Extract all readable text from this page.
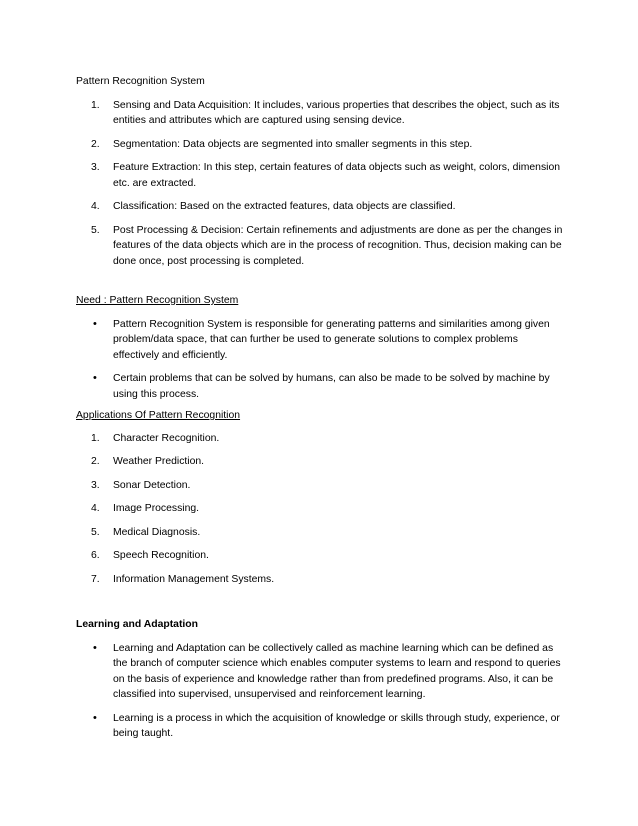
Pattern Recognition System

1. Sensing and Data Acquisition: It includes, various properties that describes the object, such as its entities and attributes which are captured using sensing device.
2. Segmentation: Data objects are segmented into smaller segments in this step.
3. Feature Extraction: In this step, certain features of data objects such as weight, colors, dimension etc. are extracted.
4. Classification: Based on the extracted features, data objects are classified.
5. Post Processing & Decision: Certain refinements and adjustments are done as per the changes in features of the data objects which are in the process of recognition. Thus, decision making can be done once, post processing is completed.

Need : Pattern Recognition System

• Pattern Recognition System is responsible for generating patterns and similarities among given problem/data space, that can further be used to generate solutions to complex problems effectively and efficiently.
• Certain problems that can be solved by humans, can also be made to be solved by machine by using this process.

Applications Of Pattern Recognition

1. Character Recognition.
2. Weather Prediction.
3. Sonar Detection.
4. Image Processing.
5. Medical Diagnosis.
6. Speech Recognition.
7. Information Management Systems.

Learning and Adaptation

• Learning and Adaptation can be collectively called as machine learning which can be defined as the branch of computer science which enables computer systems to learn and respond to queries on the basis of experience and knowledge rather than from predefined programs. Also, it can be classified into supervised, unsupervised and reinforcement learning.
• Learning is a process in which the acquisition of knowledge or skills through study, experience, or being taught.
